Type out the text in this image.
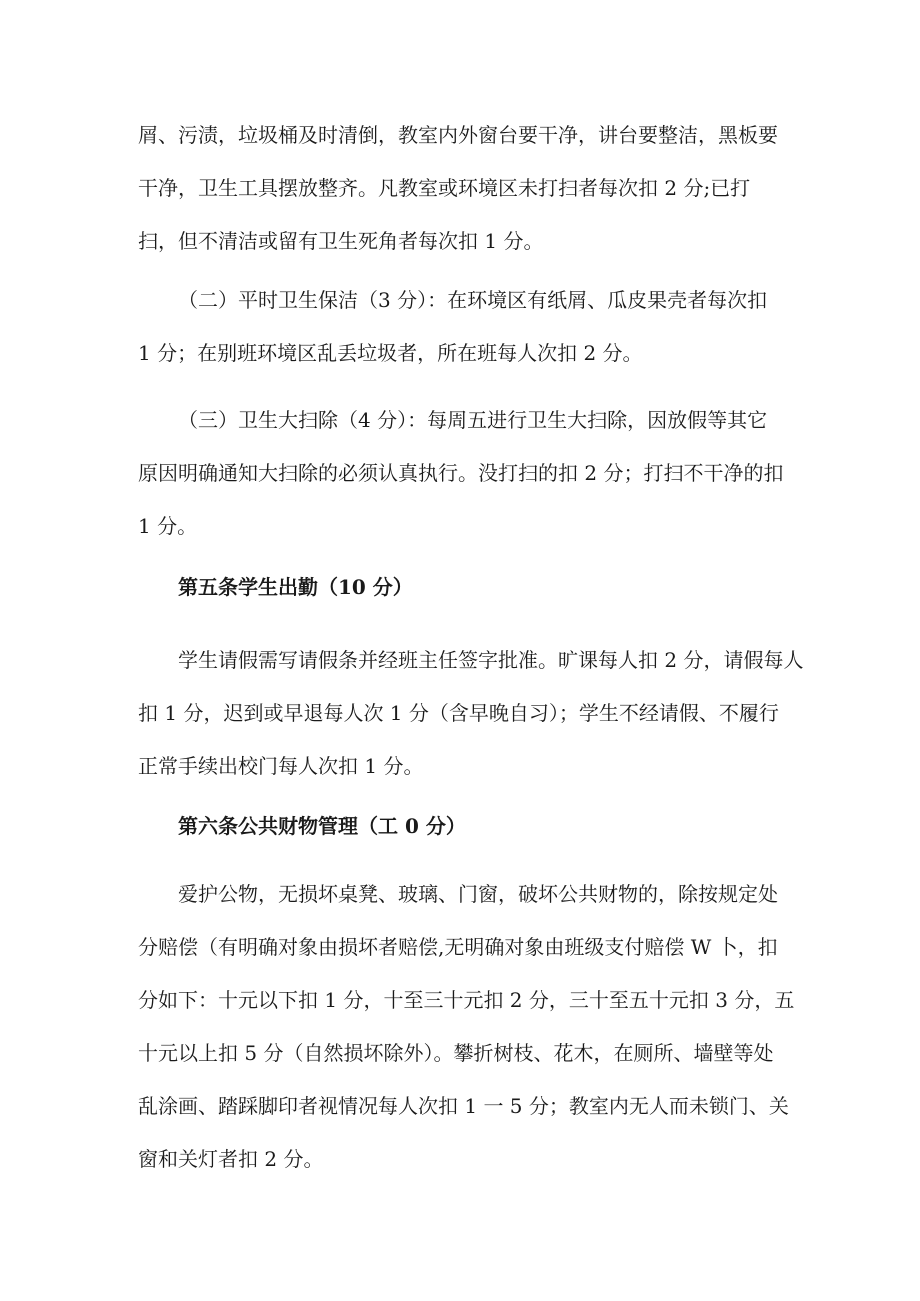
屑、污渍，垃圾桶及时清倒，教室内外窗台要干净，讲台要整洁，黑板要
干净，卫生工具摆放整齐。凡教室或环境区未打扫者每次扣 2 分;已打
扫，但不清洁或留有卫生死角者每次扣 1 分。

（二）平时卫生保洁（3 分）：在环境区有纸屑、瓜皮果壳者每次扣
1 分；在别班环境区乱丢垃圾者，所在班每人次扣 2 分。

（三）卫生大扫除（4 分）：每周五进行卫生大扫除，因放假等其它
原因明确通知大扫除的必须认真执行。没打扫的扣 2 分；打扫不干净的扣
1 分。

第五条学生出勤（10 分）

学生请假需写请假条并经班主任签字批准。旷课每人扣 2 分，请假每人
扣 1 分，迟到或早退每人次 1 分（含早晚自习）；学生不经请假、不履行
正常手续出校门每人次扣 1 分。

第六条公共财物管理（工 0 分）

爱护公物，无损坏桌凳、玻璃、门窗，破坏公共财物的，除按规定处
分赔偿（有明确对象由损坏者赔偿,无明确对象由班级支付赔偿 W 卜，扣
分如下：十元以下扣 1 分，十至三十元扣 2 分，三十至五十元扣 3 分，五
十元以上扣 5 分（自然损坏除外）。攀折树枝、花木，在厕所、墙壁等处
乱涂画、踏踩脚印者视情况每人次扣 1 一 5 分；教室内无人而未锁门、关
窗和关灯者扣 2 分。
